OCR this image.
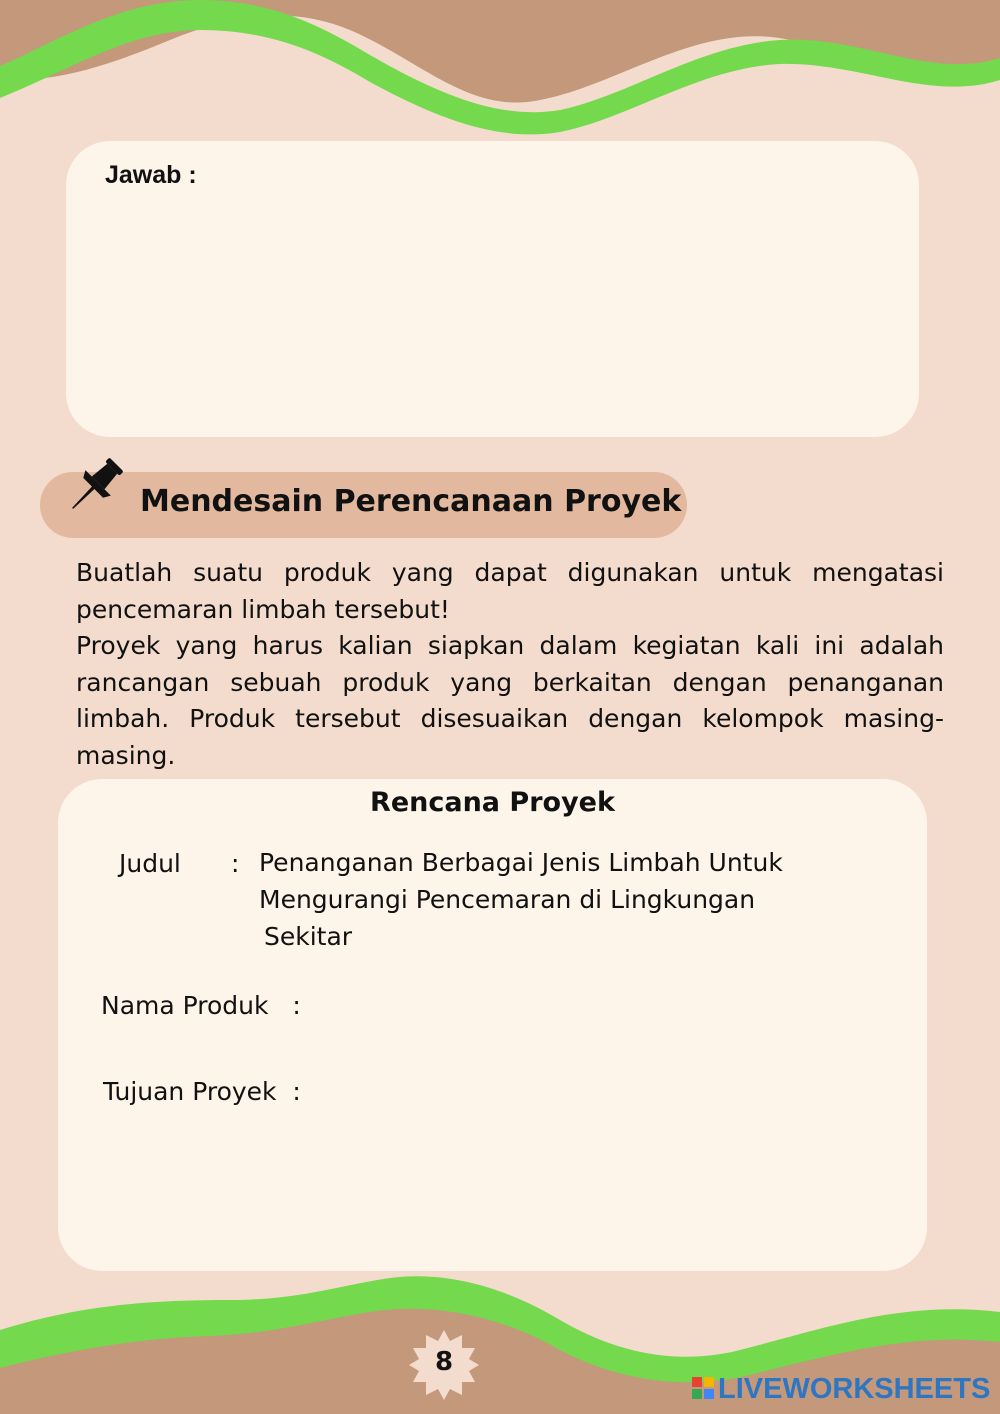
Jawab :
Mendesain Perencanaan Proyek

Buatlah suatu produk yang dapat digunakan untuk mengatasi pencemaran limbah tersebut!

Proyek yang harus kalian siapkan dalam kegiatan kali ini adalah rancangan sebuah produk yang berkaitan dengan penanganan limbah. Produk tersebut disesuaikan dengan kelompok masing-masing.

Rencana Proyek
Judul : Penanganan Berbagai Jenis Limbah Untuk
Mengurangi Pencemaran di Lingkungan
Sekitar
Nama Produk   :
Tujuan Proyek  :
8
LIVEWORKSHEETS
